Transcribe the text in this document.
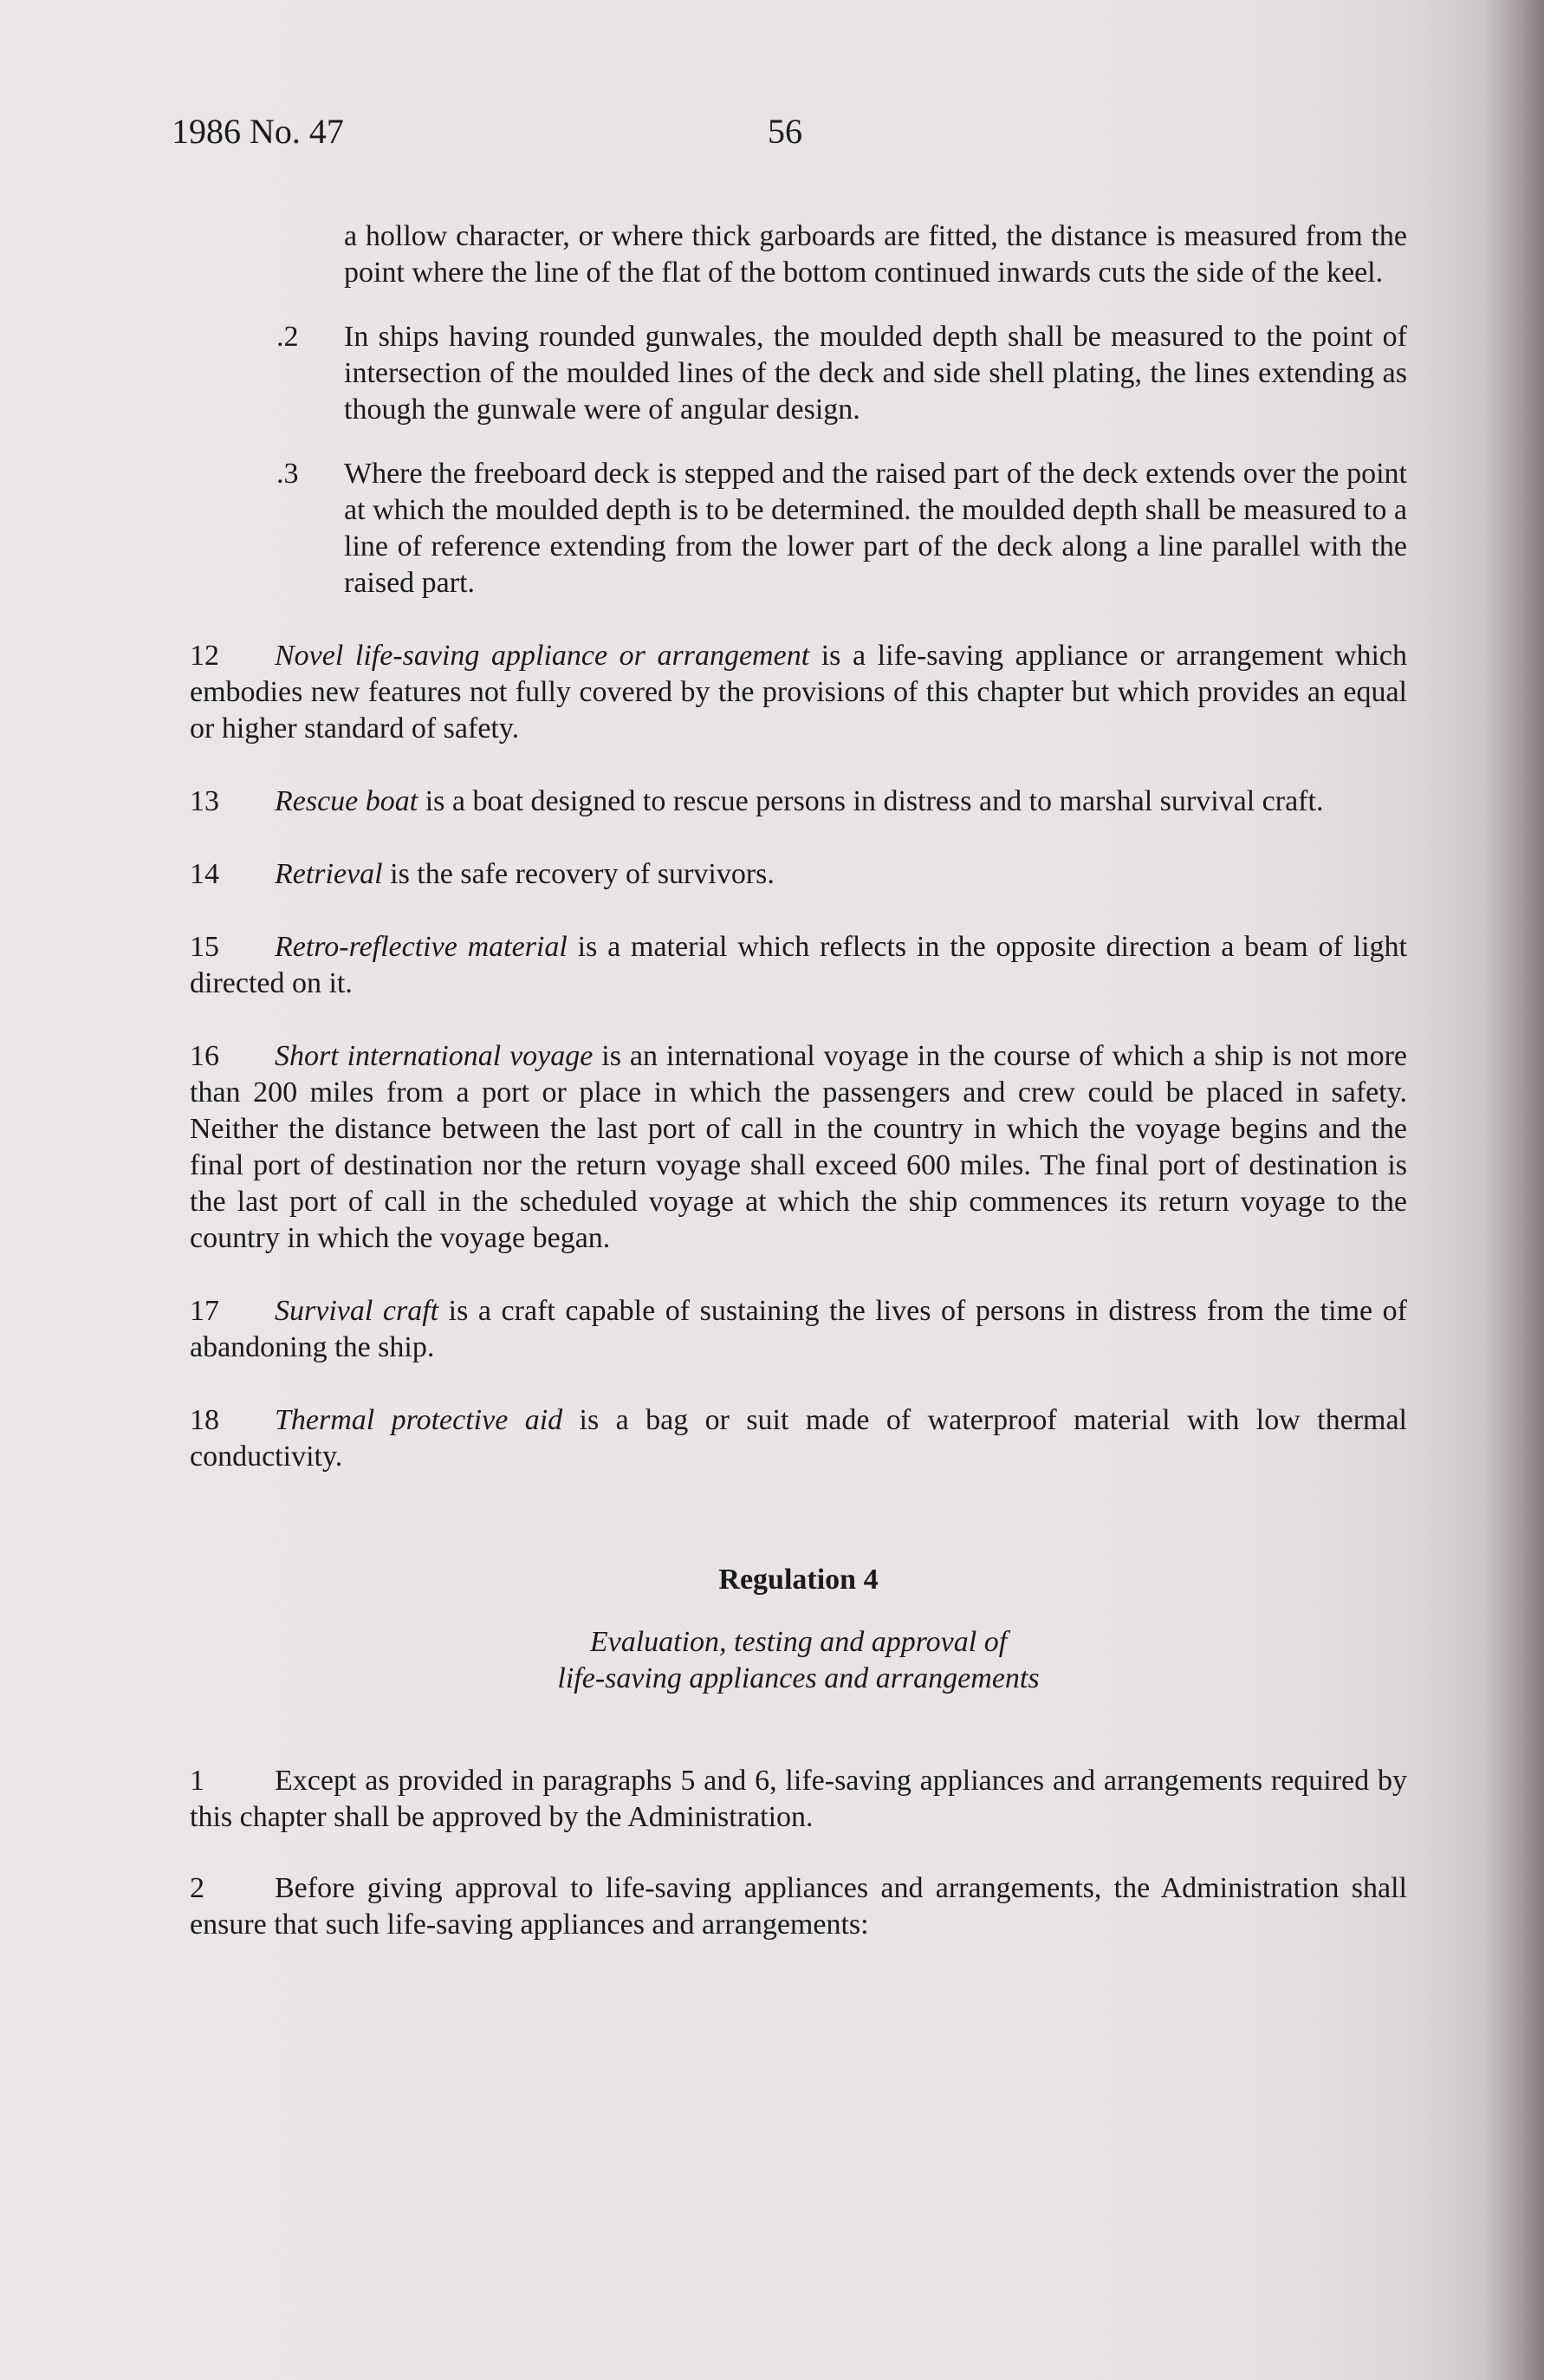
1986 No. 47	56

a hollow character, or where thick garboards are fitted, the distance is measured from the point where the line of the flat of the bottom continued inwards cuts the side of the keel.

.2 In ships having rounded gunwales, the moulded depth shall be measured to the point of intersection of the moulded lines of the deck and side shell plating, the lines extending as though the gunwale were of angular design.

.3 Where the freeboard deck is stepped and the raised part of the deck extends over the point at which the moulded depth is to be determined. the moulded depth shall be measured to a line of reference extending from the lower part of the deck along a line parallel with the raised part.

12 Novel life-saving appliance or arrangement is a life-saving appliance or arrangement which embodies new features not fully covered by the provisions of this chapter but which provides an equal or higher standard of safety.

13 Rescue boat is a boat designed to rescue persons in distress and to marshal survival craft.

14 Retrieval is the safe recovery of survivors.

15 Retro-reflective material is a material which reflects in the opposite direction a beam of light directed on it.

16 Short international voyage is an international voyage in the course of which a ship is not more than 200 miles from a port or place in which the passengers and crew could be placed in safety. Neither the distance between the last port of call in the country in which the voyage begins and the final port of destination nor the return voyage shall exceed 600 miles. The final port of destination is the last port of call in the scheduled voyage at which the ship commences its return voyage to the country in which the voyage began.

17 Survival craft is a craft capable of sustaining the lives of persons in distress from the time of abandoning the ship.

18 Thermal protective aid is a bag or suit made of waterproof material with low thermal conductivity.

Regulation 4
Evaluation, testing and approval of
life-saving appliances and arrangements

1 Except as provided in paragraphs 5 and 6, life-saving appliances and arrangements required by this chapter shall be approved by the Administration.

2 Before giving approval to life-saving appliances and arrangements, the Administration shall ensure that such life-saving appliances and arrangements:
